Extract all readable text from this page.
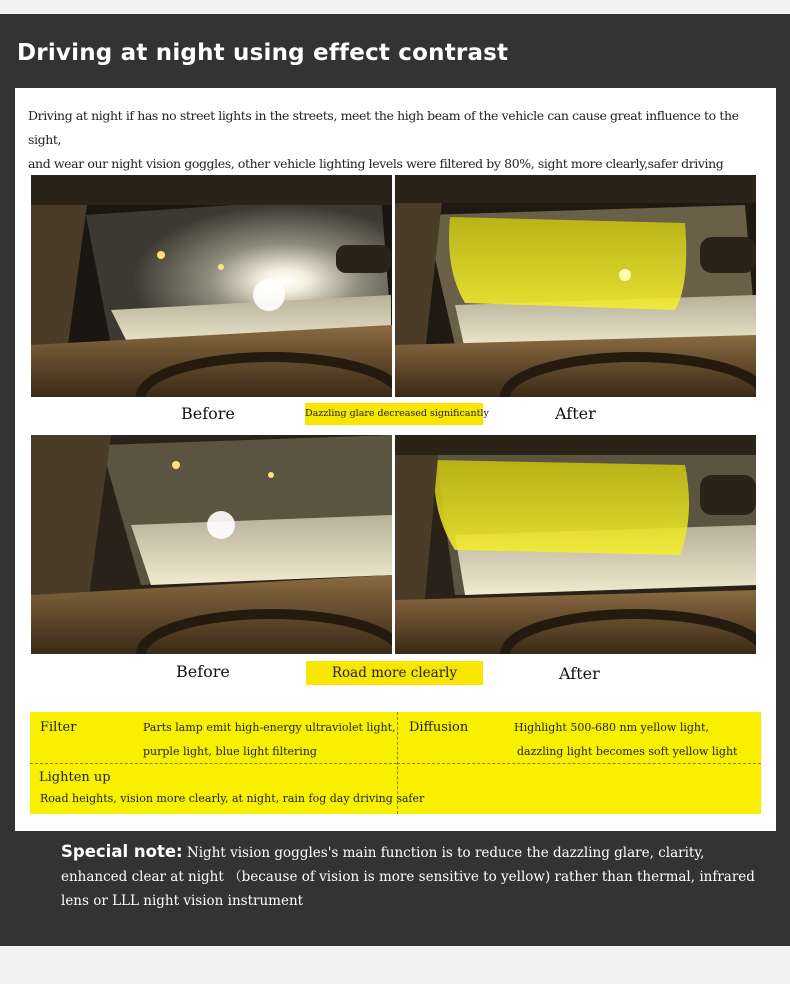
Driving at night using effect contrast

Driving at night if has no street lights in the streets, meet the high beam of the vehicle can cause great influence to the sight,
and wear our night vision goggles, other vehicle lighting levels were filtered by 80%, sight more clearly,safer driving

Before	Dazzling glare decreased significantly	After
Before	Road more clearly	After
Filter	Parts lamp emit high-energy ultraviolet light,
purple light, blue light filtering
Diffusion	Highlight 500-680 nm yellow light,
dazzling light becomes soft yellow light
Lighten up
Road heights, vision more clearly, at night, rain fog day driving safer

Special note: Night vision goggles's main function is to reduce the dazzling glare, clarity, enhanced clear at night （because of vision is more sensitive to yellow) rather than thermal, infrared lens or LLL night vision instrument
